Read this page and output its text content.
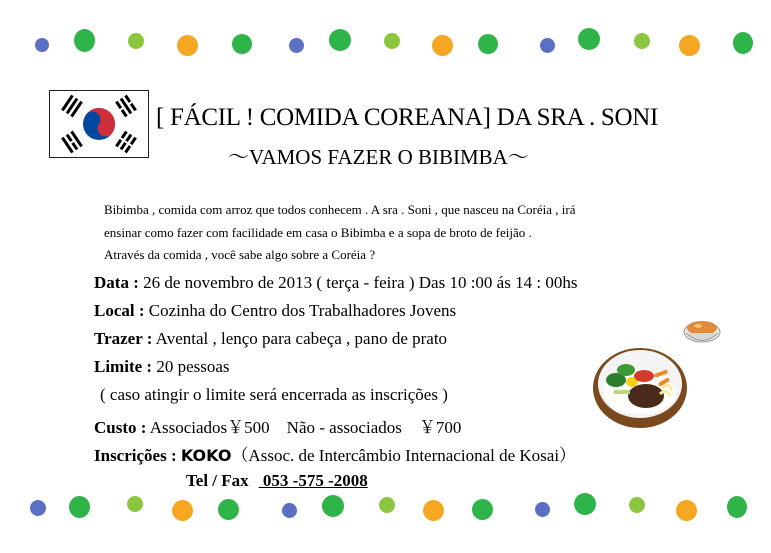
[ FÁCIL ! COMIDA COREANA] DA SRA . SONI
～VAMOS FAZER O BIBIMBA～
Bibimba , comida com arroz que todos conhecem . A sra . Soni , que nasceu na Coréia , irá
ensinar como fazer com facilidade em casa o Bibimba e a sopa de broto de feijão .
Através da comida , você sabe algo sobre a Coréia ?
Data : 26 de novembro de 2013 ( terça - feira ) Das 10 :00 ás 14 : 00hs
Local : Cozinha do Centro dos Trabalhadores Jovens
Trazer : Avental , lenço para cabeça , pano de prato
Limite : 20 pessoas
( caso atingir o limite será encerrada as inscrições )
Custo : Associados￥500　Não - associados　￥700
Inscrições : KOKO（Assoc. de Intercâmbio Internacional de Kosai）
Tel / Fax 053 -575 -2008
